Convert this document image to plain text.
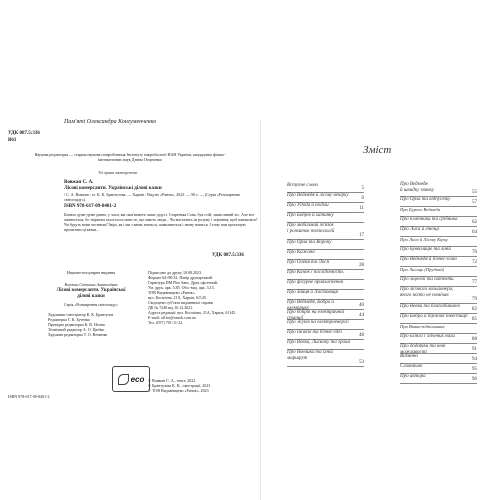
УДК 087.5:336
В61
Пам'яті Олександра Конгуменченко
Наукова редакторка — старша наукова співробітниця Інституту мікробіології НАН України, кандидатка фізико-математичних наук Дзвіна Огорченко
Усі права застережені
Вовжан С. А.
Лісові комерсанти. Українські ділові казки
/ С. А. Вовжан ; іл. К. К. Брантузова. — Харків : Вид-во «Ранок», 2023. — 96 с. — (Серія «Розширення світогляду»).
ISBN 978-617-09-8401-2
Бачила дуже-дуже давно, у часи, які пам'ятають лише дідусі. Старенька Сова, бук стій, замисливий ліс. Але все змінюється, бо звірятам захотілось мати те, що мають люди... Чи вистачить їм розуму і терпіння, щоб навчитися? Чи будуть вони чесними? Звірі, як і ми з вами, вчаться, помиляються і знову вчаться. І тому вам пропоную прочитати ці казки...
УДК 087.5:336
Науково-популярне видання
Вовжан Світлана Анатоліївна
Лісові комерсанти. Українські ділові казки
Серія «Розширення світогляду»
Художник-ілюстратор К. К. Брантузов
Редакторка Г. К. Бутенко
Провідна редакторка К. В. Ночна
Технічний редактор А. О. Цюбко
Художня редакторка Т. О. Веменко
Підписано до друку 10.08.2023.
Формат 64×90/32. Папір друкарський.
Гарнітура ПМ Plex Sans. Друк офсетний.
Ум. друк. арк. 5,85. Обл.-вид. арк. 3,13.
ТОВ Видавництво «Ранок».
вул. Космічна, 21А, Харків, 61145.
Свідоцтво суб'єкта видавничої справи
ДК № 7248 від 16.12.2021.
Адреса редакції: вул. Космічна, 21А, Харків, 61145.
E-mail: office@ranok.com.ua
Тел. (057) 701-11-22.
eco
ISBN 978-617-09-8401-2
© Вовжан С. А., текст, 2022
© Брантузова К. К., ілюстрації, 2023
© ТОВ Видавництво «Ранок», 2023
Зміст
Вступне слово
5
Про Ведмедя й лісову вечірку
6
Про Удода й поділи
11
Про Бобрів й хатинку
Про мобільний зв'язок
і розвиток технологій
17
Про Орла та Ворону
Про Кажана
Про Оленя та Лося
28
Про Качок і послідовність
Про фігурне привласнення
Про Зайця й Ластовиця
Про Ведмедя, Бобра й електрику
40
Про бобрів на електричній станції
44
Про жуків на електроенергії
Про їжаків та бізнес-ідеї
48
Про Вовка, Лисичку та гроші
Про Вовчика та їхній
маршрут
53
Про Ведмедя
й швидку звичку	55
Про Орла та відпустку
57
Про Бурого Ведмедя
Про платники та срібника
62
Про Лиса й лінощі
64
Про Лиса й Лісову Кірку
Про Бувволицю та ліній
70
Про Ведмедя й бізнес-план
72
Про Лисиць (Прудкий)
Про ліцензії та патенти
77
Про лісового мільйонера,
якого ніхто не помічав
79
Про Вовка та благодійників
82
Про Бобра й біржові інвестиції
85
Про Вовка-підпільника
Про клінга і злічених нахи
88
Про додатки та нові можливості
91
Відмінні
94
Словничок
95
Про автора
96
